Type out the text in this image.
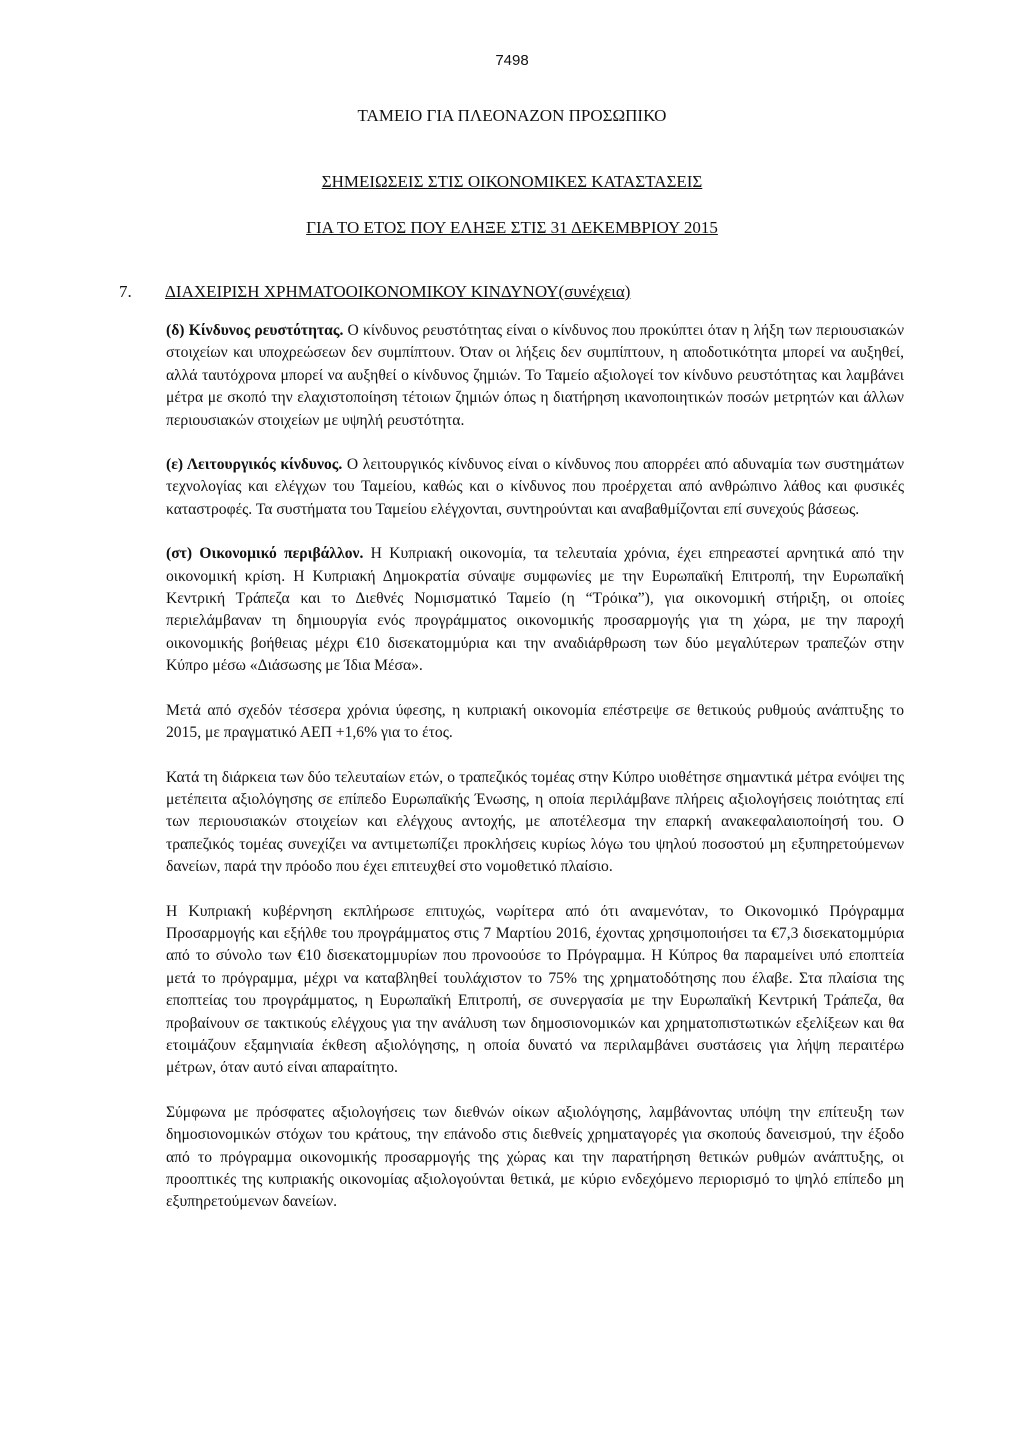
7498
ΤΑΜΕΙΟ ΓΙΑ ΠΛΕΟΝΑΖΟΝ ΠΡΟΣΩΠΙΚΟ
ΣΗΜΕΙΩΣΕΙΣ ΣΤΙΣ ΟΙΚΟΝΟΜΙΚΕΣ ΚΑΤΑΣΤΑΣΕΙΣ
ΓΙΑ ΤΟ ΕΤΟΣ ΠΟΥ ΕΛΗΞΕ ΣΤΙΣ 31 ΔΕΚΕΜΒΡΙΟΥ 2015
7. ΔΙΑΧΕΙΡΙΣΗ ΧΡΗΜΑΤΟΟΙΚΟΝΟΜΙΚΟΥ ΚΙΝΔΥΝΟΥ(συνέχεια)

(δ) Κίνδυνος ρευστότητας. Ο κίνδυνος ρευστότητας είναι ο κίνδυνος που προκύπτει όταν η λήξη των περιουσιακών στοιχείων και υποχρεώσεων δεν συμπίπτουν. Όταν οι λήξεις δεν συμπίπτουν, η αποδοτικότητα μπορεί να αυξηθεί, αλλά ταυτόχρονα μπορεί να αυξηθεί ο κίνδυνος ζημιών. Το Ταμείο αξιολογεί τον κίνδυνο ρευστότητας και λαμβάνει μέτρα με σκοπό την ελαχιστοποίηση τέτοιων ζημιών όπως η διατήρηση ικανοποιητικών ποσών μετρητών και άλλων περιουσιακών στοιχείων με υψηλή ρευστότητα.

(ε) Λειτουργικός κίνδυνος. Ο λειτουργικός κίνδυνος είναι ο κίνδυνος που απορρέει από αδυναμία των συστημάτων τεχνολογίας και ελέγχων του Ταμείου, καθώς και ο κίνδυνος που προέρχεται από ανθρώπινο λάθος και φυσικές καταστροφές. Τα συστήματα του Ταμείου ελέγχονται, συντηρούνται και αναβαθμίζονται επί συνεχούς βάσεως.

(στ) Οικονομικό περιβάλλον. Η Κυπριακή οικονομία, τα τελευταία χρόνια, έχει επηρεαστεί αρνητικά από την οικονομική κρίση. Η Κυπριακή Δημοκρατία σύναψε συμφωνίες με την Ευρωπαϊκή Επιτροπή, την Ευρωπαϊκή Κεντρική Τράπεζα και το Διεθνές Νομισματικό Ταμείο (η “Τρόικα”), για οικονομική στήριξη, οι οποίες περιελάμβαναν τη δημιουργία ενός προγράμματος οικονομικής προσαρμογής για τη χώρα, με την παροχή οικονομικής βοήθειας μέχρι €10 δισεκατομμύρια και την αναδιάρθρωση των δύο μεγαλύτερων τραπεζών στην Κύπρο μέσω «Διάσωσης με Ίδια Μέσα».

Μετά από σχεδόν τέσσερα χρόνια ύφεσης, η κυπριακή οικονομία επέστρεψε σε θετικούς ρυθμούς ανάπτυξης το 2015, με πραγματικό ΑΕΠ +1,6% για το έτος.

Κατά τη διάρκεια των δύο τελευταίων ετών, ο τραπεζικός τομέας στην Κύπρο υιοθέτησε σημαντικά μέτρα ενόψει της μετέπειτα αξιολόγησης σε επίπεδο Ευρωπαϊκής Ένωσης, η οποία περιλάμβανε πλήρεις αξιολογήσεις ποιότητας επί των περιουσιακών στοιχείων και ελέγχους αντοχής, με αποτέλεσμα την επαρκή ανακεφαλαιοποίησή του. Ο τραπεζικός τομέας συνεχίζει να αντιμετωπίζει προκλήσεις κυρίως λόγω του ψηλού ποσοστού μη εξυπηρετούμενων δανείων, παρά την πρόοδο που έχει επιτευχθεί στο νομοθετικό πλαίσιο.

Η Κυπριακή κυβέρνηση εκπλήρωσε επιτυχώς, νωρίτερα από ότι αναμενόταν, το Οικονομικό Πρόγραμμα Προσαρμογής και εξήλθε του προγράμματος στις 7 Μαρτίου 2016, έχοντας χρησιμοποιήσει τα €7,3 δισεκατομμύρια από το σύνολο των €10 δισεκατομμυρίων που προνοούσε το Πρόγραμμα. Η Κύπρος θα παραμείνει υπό εποπτεία μετά το πρόγραμμα, μέχρι να καταβληθεί τουλάχιστον το 75% της χρηματοδότησης που έλαβε. Στα πλαίσια της εποπτείας του προγράμματος, η Ευρωπαϊκή Επιτροπή, σε συνεργασία με την Ευρωπαϊκή Κεντρική Τράπεζα, θα προβαίνουν σε τακτικούς ελέγχους για την ανάλυση των δημοσιονομικών και χρηματοπιστωτικών εξελίξεων και θα ετοιμάζουν εξαμηνιαία έκθεση αξιολόγησης, η οποία δυνατό να περιλαμβάνει συστάσεις για λήψη περαιτέρω μέτρων, όταν αυτό είναι απαραίτητο.

Σύμφωνα με πρόσφατες αξιολογήσεις των διεθνών οίκων αξιολόγησης, λαμβάνοντας υπόψη την επίτευξη των δημοσιονομικών στόχων του κράτους, την επάνοδο στις διεθνείς χρηματαγορές για σκοπούς δανεισμού, την έξοδο από το πρόγραμμα οικονομικής προσαρμογής της χώρας και την παρατήρηση θετικών ρυθμών ανάπτυξης, οι προοπτικές της κυπριακής οικονομίας αξιολογούνται θετικά, με κύριο ενδεχόμενο περιορισμό το ψηλό επίπεδο μη εξυπηρετούμενων δανείων.
